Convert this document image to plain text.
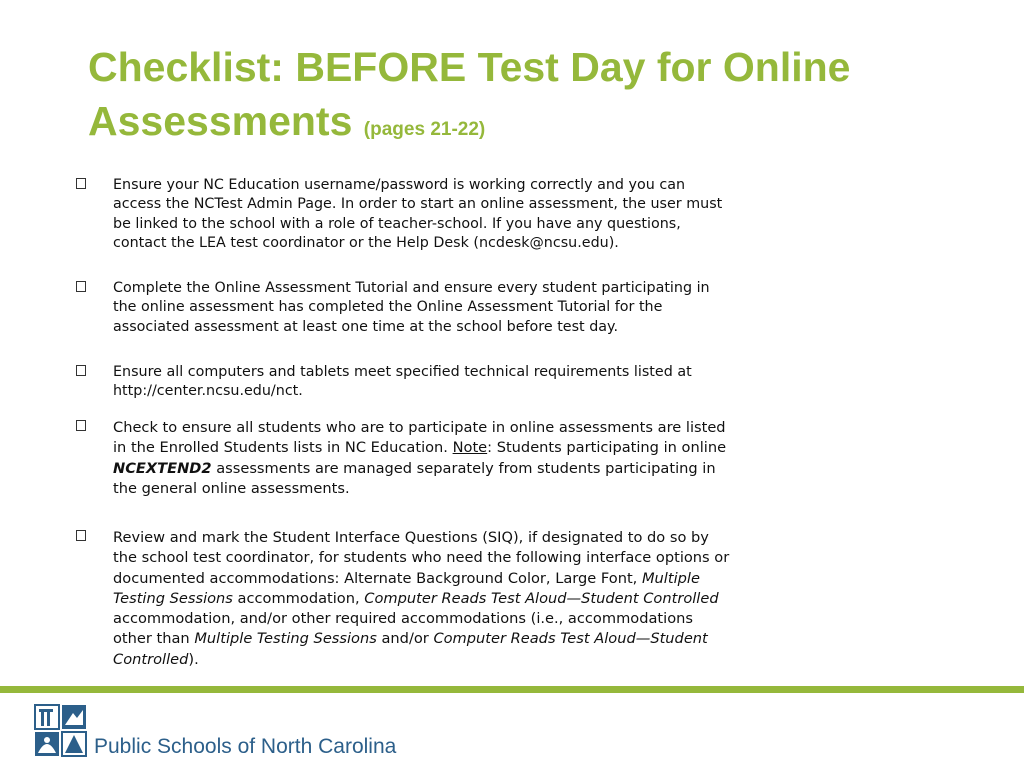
Checklist: BEFORE Test Day for Online Assessments (pages 21-22)

Ensure your NC Education username/password is working correctly and you can access the NCTest Admin Page. In order to start an online assessment, the user must be linked to the school with a role of teacher-school. If you have any questions, contact the LEA test coordinator or the Help Desk (ncdesk@ncsu.edu).

Complete the Online Assessment Tutorial and ensure every student participating in the online assessment has completed the Online Assessment Tutorial for the associated assessment at least one time at the school before test day.

Ensure all computers and tablets meet specified technical requirements listed at http://center.ncsu.edu/nct.

Check to ensure all students who are to participate in online assessments are listed in the Enrolled Students lists in NC Education. Note: Students participating in online NCEXTEND2 assessments are managed separately from students participating in the general online assessments.

Review and mark the Student Interface Questions (SIQ), if designated to do so by the school test coordinator, for students who need the following interface options or documented accommodations: Alternate Background Color, Large Font, Multiple Testing Sessions accommodation, Computer Reads Test Aloud—Student Controlled accommodation, and/or other required accommodations (i.e., accommodations other than Multiple Testing Sessions and/or Computer Reads Test Aloud—Student Controlled).

Public Schools of North Carolina
